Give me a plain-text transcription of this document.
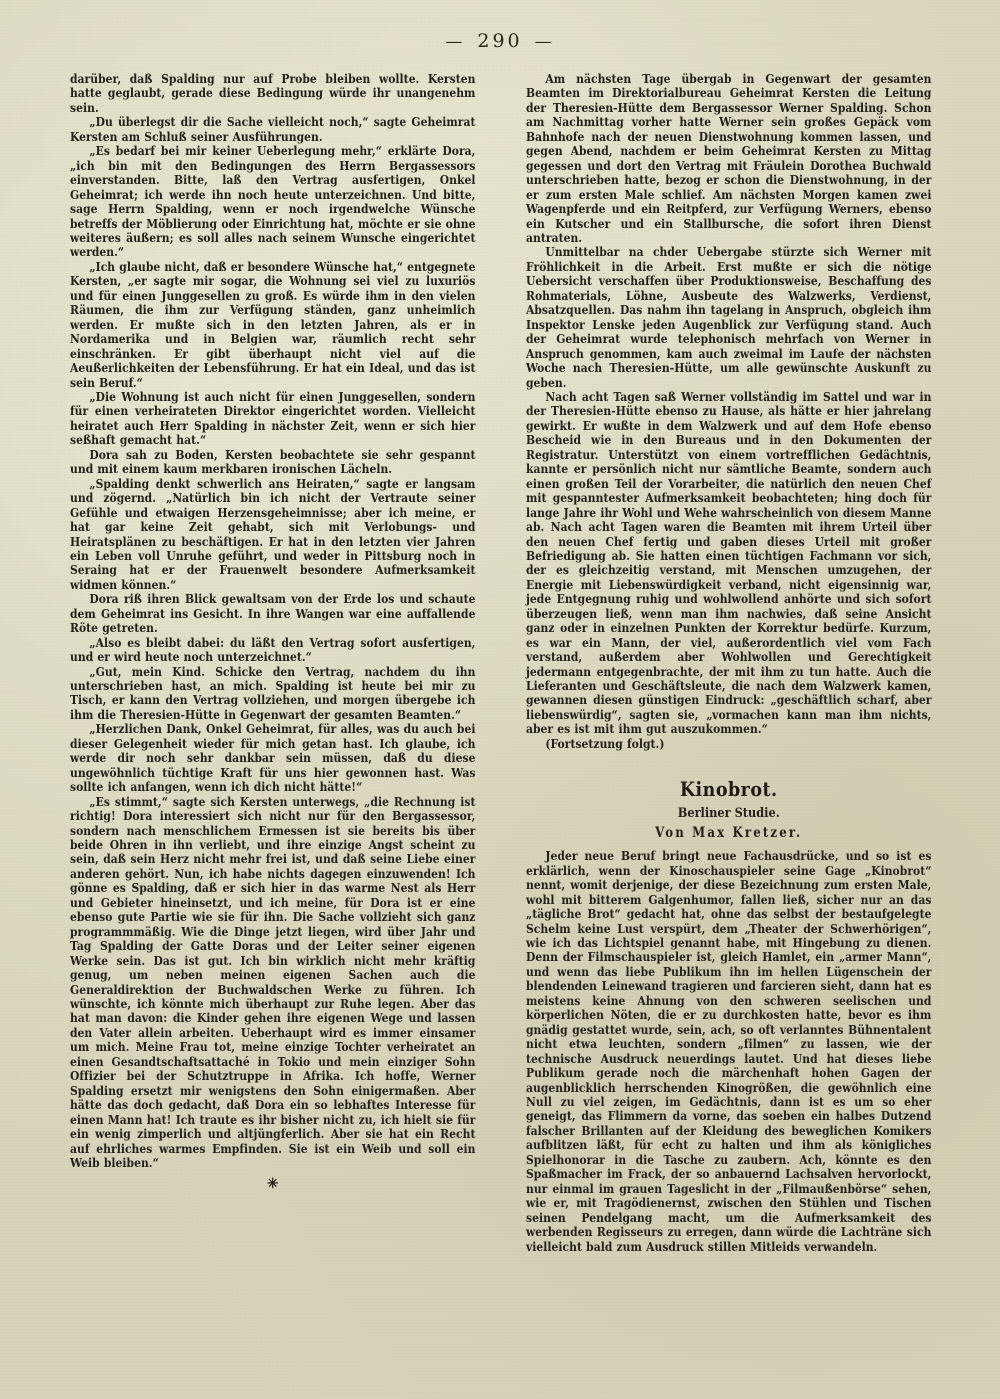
— 290 —

darüber, daß Spalding nur auf Probe bleiben wollte. Kersten hatte geglaubt, gerade diese Bedingung würde ihr unangenehm sein.

„Du überlegst dir die Sache vielleicht noch,“ sagte Geheimrat Kersten am Schluß seiner Ausführungen.

„Es bedarf bei mir keiner Ueberlegung mehr,“ erklärte Dora, „ich bin mit den Bedingungen des Herrn Bergassessors einverstanden. Bitte, laß den Vertrag ausfertigen, Onkel Geheimrat; ich werde ihn noch heute unterzeichnen. Und bitte, sage Herrn Spalding, wenn er noch irgendwelche Wünsche betreffs der Möblierung oder Einrichtung hat, möchte er sie ohne weiteres äußern; es soll alles nach seinem Wunsche eingerichtet werden.“

„Ich glaube nicht, daß er besondere Wünsche hat,“ entgegnete Kersten, „er sagte mir sogar, die Wohnung sei viel zu luxuriös und für einen Junggesellen zu groß. Es würde ihm in den vielen Räumen, die ihm zur Verfügung ständen, ganz unheimlich werden. Er mußte sich in den letzten Jahren, als er in Nordamerika und in Belgien war, räumlich recht sehr einschränken. Er gibt überhaupt nicht viel auf die Aeußerlichkeiten der Lebensführung. Er hat ein Ideal, und das ist sein Beruf.“

„Die Wohnung ist auch nicht für einen Junggesellen, sondern für einen verheirateten Direktor eingerichtet worden. Vielleicht heiratet auch Herr Spalding in nächster Zeit, wenn er sich hier seßhaft gemacht hat.“

Dora sah zu Boden, Kersten beobachtete sie sehr gespannt und mit einem kaum merkbaren ironischen Lächeln.

„Spalding denkt schwerlich ans Heiraten,“ sagte er langsam und zögernd. „Natürlich bin ich nicht der Vertraute seiner Gefühle und etwaigen Herzensgeheimnisse; aber ich meine, er hat gar keine Zeit gehabt, sich mit Verlobungs- und Heiratsplänen zu beschäftigen. Er hat in den letzten vier Jahren ein Leben voll Unruhe geführt, und weder in Pittsburg noch in Seraing hat er der Frauenwelt besondere Aufmerksamkeit widmen können.“

Dora riß ihren Blick gewaltsam von der Erde los und schaute dem Geheimrat ins Gesicht. In ihre Wangen war eine auffallende Röte getreten.

„Also es bleibt dabei: du läßt den Vertrag sofort ausfertigen, und er wird heute noch unterzeichnet.“

„Gut, mein Kind. Schicke den Vertrag, nachdem du ihn unterschrieben hast, an mich. Spalding ist heute bei mir zu Tisch, er kann den Vertrag vollziehen, und morgen übergebe ich ihm die Theresien-Hütte in Gegenwart der gesamten Beamten.“

„Herzlichen Dank, Onkel Geheimrat, für alles, was du auch bei dieser Gelegenheit wieder für mich getan hast. Ich glaube, ich werde dir noch sehr dankbar sein müssen, daß du diese ungewöhnlich tüchtige Kraft für uns hier gewonnen hast. Was sollte ich anfangen, wenn ich dich nicht hätte!“

„Es stimmt,“ sagte sich Kersten unterwegs, „die Rechnung ist richtig! Dora interessiert sich nicht nur für den Bergassessor, sondern nach menschlichem Ermessen ist sie bereits bis über beide Ohren in ihn verliebt, und ihre einzige Angst scheint zu sein, daß sein Herz nicht mehr frei ist, und daß seine Liebe einer anderen gehört. Nun, ich habe nichts dagegen einzuwenden! Ich gönne es Spalding, daß er sich hier in das warme Nest als Herr und Gebieter hineinsetzt, und ich meine, für Dora ist er eine ebenso gute Partie wie sie für ihn. Die Sache vollzieht sich ganz programmmäßig. Wie die Dinge jetzt liegen, wird über Jahr und Tag Spalding der Gatte Doras und der Leiter seiner eigenen Werke sein. Das ist gut. Ich bin wirklich nicht mehr kräftig genug, um neben meinen eigenen Sachen auch die Generaldirektion der Buchwaldschen Werke zu führen. Ich wünschte, ich könnte mich überhaupt zur Ruhe legen. Aber das hat man davon: die Kinder gehen ihre eigenen Wege und lassen den Vater allein arbeiten. Ueberhaupt wird es immer einsamer um mich. Meine Frau tot, meine einzige Tochter verheiratet an einen Gesandtschaftsattaché in Tokio und mein einziger Sohn Offizier bei der Schutztruppe in Afrika. Ich hoffe, Werner Spalding ersetzt mir wenigstens den Sohn einigermaßen. Aber hätte das doch gedacht, daß Dora ein so lebhaftes Interesse für einen Mann hat! Ich traute es ihr bisher nicht zu, ich hielt sie für ein wenig zimperlich und altjüngferlich. Aber sie hat ein Recht auf ehrliches warmes Empfinden. Sie ist ein Weib und soll ein Weib bleiben.“

✳

Am nächsten Tage übergab in Gegenwart der gesamten Beamten im Direktorialbureau Geheimrat Kersten die Leitung der Theresien-Hütte dem Bergassessor Werner Spalding. Schon am Nachmittag vorher hatte Werner sein großes Gepäck vom Bahnhofe nach der neuen Dienstwohnung kommen lassen, und gegen Abend, nachdem er beim Geheimrat Kersten zu Mittag gegessen und dort den Vertrag mit Fräulein Dorothea Buchwald unterschrieben hatte, bezog er schon die Dienstwohnung, in der er zum ersten Male schlief. Am nächsten Morgen kamen zwei Wagenpferde und ein Reitpferd, zur Verfügung Werners, ebenso ein Kutscher und ein Stallbursche, die sofort ihren Dienst antraten.

Unmittelbar na chder Uebergabe stürzte sich Werner mit Fröhlichkeit in die Arbeit. Erst mußte er sich die nötige Uebersicht verschaffen über Produktionsweise, Beschaffung des Rohmaterials, Löhne, Ausbeute des Walzwerks, Verdienst, Absatzquellen. Das nahm ihn tagelang in Anspruch, obgleich ihm Inspektor Lenske jeden Augenblick zur Verfügung stand. Auch der Geheimrat wurde telephonisch mehrfach von Werner in Anspruch genommen, kam auch zweimal im Laufe der nächsten Woche nach Theresien-Hütte, um alle gewünschte Auskunft zu geben.

Nach acht Tagen saß Werner vollständig im Sattel und war in der Theresien-Hütte ebenso zu Hause, als hätte er hier jahrelang gewirkt. Er wußte in dem Walzwerk und auf dem Hofe ebenso Bescheid wie in den Bureaus und in den Dokumenten der Registratur. Unterstützt von einem vortrefflichen Gedächtnis, kannte er persönlich nicht nur sämtliche Beamte, sondern auch einen großen Teil der Vorarbeiter, die natürlich den neuen Chef mit gespanntester Aufmerksamkeit beobachteten; hing doch für lange Jahre ihr Wohl und Wehe wahrscheinlich von diesem Manne ab. Nach acht Tagen waren die Beamten mit ihrem Urteil über den neuen Chef fertig und gaben dieses Urteil mit großer Befriedigung ab. Sie hatten einen tüchtigen Fachmann vor sich, der es gleichzeitig verstand, mit Menschen umzugehen, der Energie mit Liebenswürdigkeit verband, nicht eigensinnig war, jede Entgegnung ruhig und wohlwollend anhörte und sich sofort überzeugen ließ, wenn man ihm nachwies, daß seine Ansicht ganz oder in einzelnen Punkten der Korrektur bedürfe. Kurzum, es war ein Mann, der viel, außerordentlich viel vom Fach verstand, außerdem aber Wohlwollen und Gerechtigkeit jedermann entgegenbrachte, der mit ihm zu tun hatte. Auch die Lieferanten und Geschäftsleute, die nach dem Walzwerk kamen, gewannen diesen günstigen Eindruck: „geschäftlich scharf, aber liebenswürdig“, sagten sie, „vormachen kann man ihm nichts, aber es ist mit ihm gut auszukommen.“

(Fortsetzung folgt.)

Kinobrot.
Berliner Studie.
Von Max Kretzer.

Jeder neue Beruf bringt neue Fachausdrücke, und so ist es erklärlich, wenn der Kinoschauspieler seine Gage „Kinobrot“ nennt, womit derjenige, der diese Bezeichnung zum ersten Male, wohl mit bitterem Galgenhumor, fallen ließ, sicher nur an das „tägliche Brot“ gedacht hat, ohne das selbst der bestaufgelegte Schelm keine Lust verspürt, dem „Theater der Schwerhörigen“, wie ich das Lichtspiel genannt habe, mit Hingebung zu dienen. Denn der Filmschauspieler ist, gleich Hamlet, ein „armer Mann“, und wenn das liebe Publikum ihn im hellen Lügenschein der blendenden Leinewand tragieren und farcieren sieht, dann hat es meistens keine Ahnung von den schweren seelischen und körperlichen Nöten, die er zu durchkosten hatte, bevor es ihm gnädig gestattet wurde, sein, ach, so oft verlanntes Bühnentalent nicht etwa leuchten, sondern „filmen“ zu lassen, wie der technische Ausdruck neuerdings lautet. Und hat dieses liebe Publikum gerade noch die märchenhaft hohen Gagen der augenblicklich herrschenden Kinogrößen, die gewöhnlich eine Null zu viel zeigen, im Gedächtnis, dann ist es um so eher geneigt, das Flimmern da vorne, das soeben ein halbes Dutzend falscher Brillanten auf der Kleidung des beweglichen Komikers aufblitzen läßt, für echt zu halten und ihm als königliches Spielhonorar in die Tasche zu zaubern. Ach, könnte es den Spaßmacher im Frack, der so anbauernd Lachsalven hervorlockt, nur einmal im grauen Tageslicht in der „Filmaußenbörse“ sehen, wie er, mit Tragödienernst, zwischen den Stühlen und Tischen seinen Pendelgang macht, um die Aufmerksamkeit des werbenden Regisseurs zu erregen, dann würde die Lachträne sich vielleicht bald zum Ausdruck stillen Mitleids verwandeln.
